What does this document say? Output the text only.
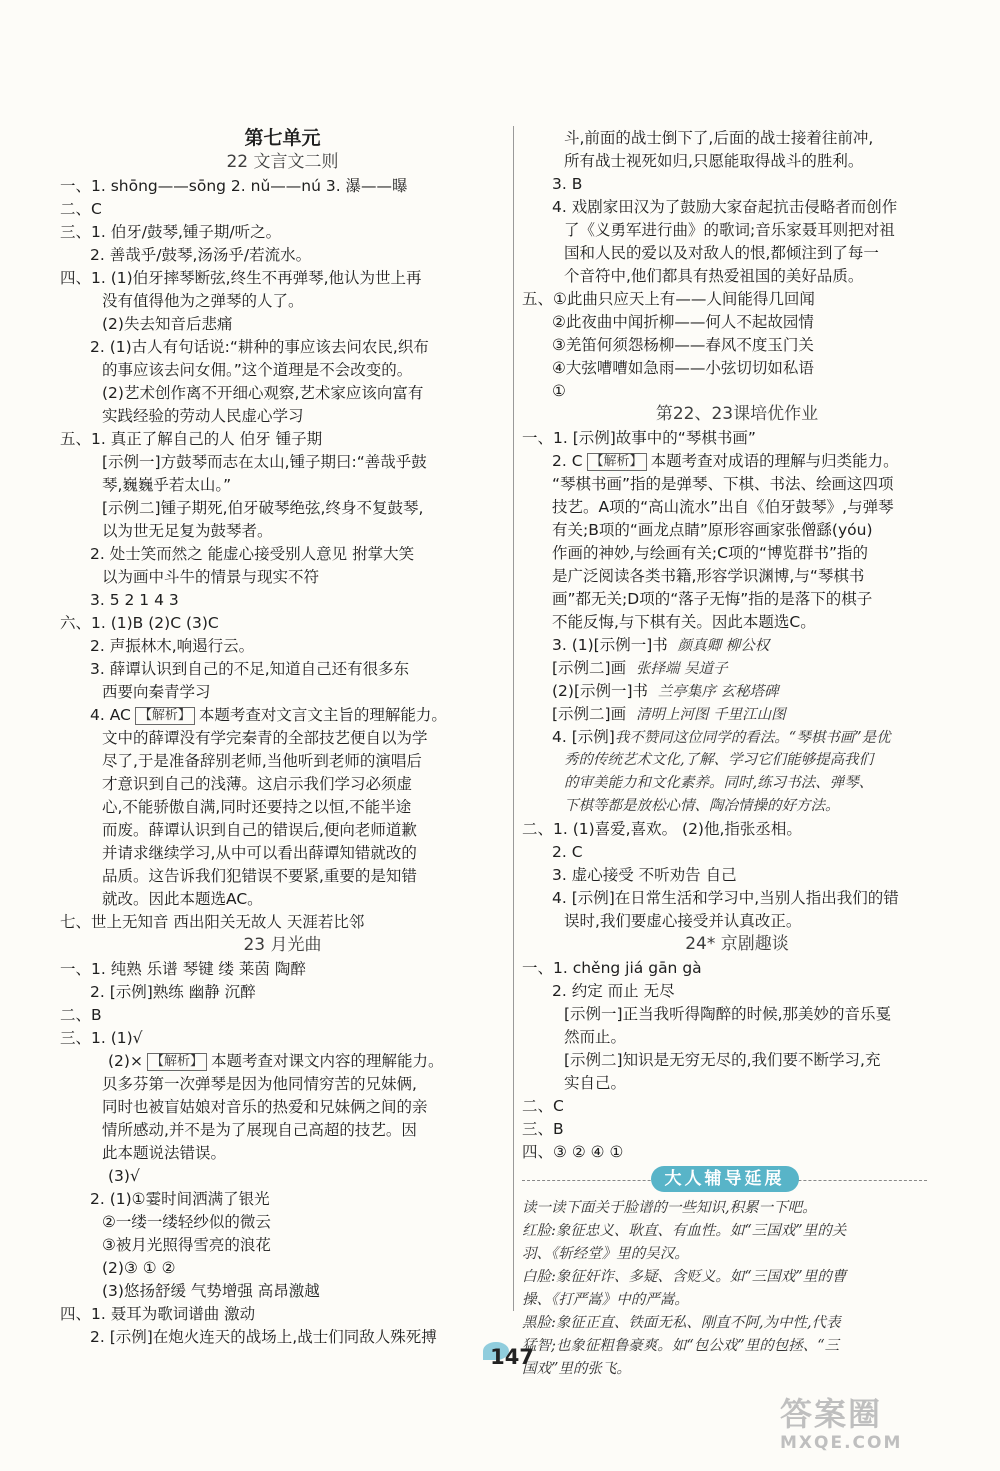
第七单元
22 文言文二则
一、1. shōng——sōng 2. nǔ——nú 3. 瀑——曝
二、C
三、1. 伯牙/鼓琴,锺子期/听之。
2. 善哉乎/鼓琴,汤汤乎/若流水。
四、1. (1)伯牙摔琴断弦,终生不再弹琴,他认为世上再
没有值得他为之弹琴的人了。
(2)失去知音后悲痛
2. (1)古人有句话说:“耕种的事应该去问农民,织布
的事应该去问女佣。”这个道理是不会改变的。
(2)艺术创作离不开细心观察,艺术家应该向富有
实践经验的劳动人民虚心学习
五、1. 真正了解自己的人 伯牙 锺子期
[示例一]方鼓琴而志在太山,锺子期曰:“善哉乎鼓
琴,巍巍乎若太山。”
[示例二]锺子期死,伯牙破琴绝弦,终身不复鼓琴,
以为世无足复为鼓琴者。
2. 处士笑而然之 能虚心接受别人意见 拊掌大笑
以为画中斗牛的情景与现实不符
3. 5 2 1 4 3
六、1. (1)B (2)C (3)C
2. 声振林木,响遏行云。
3. 薛谭认识到自己的不足,知道自己还有很多东
西要向秦青学习
4. AC 【解析】 本题考查对文言文主旨的理解能力。
文中的薛谭没有学完秦青的全部技艺便自以为学
尽了,于是准备辞别老师,当他听到老师的演唱后
才意识到自己的浅薄。这启示我们学习必须虚
心,不能骄傲自满,同时还要持之以恒,不能半途
而废。薛谭认识到自己的错误后,便向老师道歉
并请求继续学习,从中可以看出薛谭知错就改的
品质。这告诉我们犯错误不要紧,重要的是知错
就改。因此本题选AC。
七、世上无知音 西出阳关无故人 天涯若比邻
23 月光曲
一、1. 纯熟 乐谱 琴键 缕 莱茵 陶醉
2. [示例]熟练 幽静 沉醉
二、B
三、1. (1)√
(2)× 【解析】 本题考查对课文内容的理解能力。
贝多芬第一次弹琴是因为他同情穷苦的兄妹俩,
同时也被盲姑娘对音乐的热爱和兄妹俩之间的亲
情所感动,并不是为了展现自己高超的技艺。因
此本题说法错误。
(3)√
2. (1)①霎时间洒满了银光
②一缕一缕轻纱似的微云
③被月光照得雪亮的浪花
(2)③ ① ②
(3)悠扬舒缓 气势增强 高昂激越
四、1. 聂耳为歌词谱曲 激动
2. [示例]在炮火连天的战场上,战士们同敌人殊死搏
斗,前面的战士倒下了,后面的战士接着往前冲,
所有战士视死如归,只愿能取得战斗的胜利。
3. B
4. 戏剧家田汉为了鼓励大家奋起抗击侵略者而创作
了《义勇军进行曲》的歌词;音乐家聂耳则把对祖
国和人民的爱以及对敌人的恨,都倾注到了每一
个音符中,他们都具有热爱祖国的美好品质。
五、①此曲只应天上有——人间能得几回闻
②此夜曲中闻折柳——何人不起故园情
③羌笛何须怨杨柳——春风不度玉门关
④大弦嘈嘈如急雨——小弦切切如私语
①
第22、23课培优作业
一、1. [示例]故事中的“琴棋书画”
2. C 【解析】 本题考查对成语的理解与归类能力。
“琴棋书画”指的是弹琴、下棋、书法、绘画这四项
技艺。A项的“高山流水”出自《伯牙鼓琴》,与弹琴
有关;B项的“画龙点睛”原形容画家张僧繇(yóu)
作画的神妙,与绘画有关;C项的“博览群书”指的
是广泛阅读各类书籍,形容学识渊博,与“琴棋书
画”都无关;D项的“落子无悔”指的是落下的棋子
不能反悔,与下棋有关。因此本题选C。
3. (1)[示例一]书 颜真卿 柳公权
[示例二]画 张择端 吴道子
(2)[示例一]书 兰亭集序 玄秘塔碑
[示例二]画 清明上河图 千里江山图
4. [示例]我不赞同这位同学的看法。“琴棋书画”是优
秀的传统艺术文化,了解、学习它们能够提高我们
的审美能力和文化素养。同时,练习书法、弹琴、
下棋等都是放松心情、陶冶情操的好方法。
二、1. (1)喜爱,喜欢。 (2)他,指张丞相。
2. C
3. 虚心接受 不听劝告 自己
4. [示例]在日常生活和学习中,当别人指出我们的错
误时,我们要虚心接受并认真改正。
24* 京剧趣谈
一、1. chěng jiá gān gà
2. 约定 而止 无尽
[示例一]正当我听得陶醉的时候,那美妙的音乐戛
然而止。
[示例二]知识是无穷无尽的,我们要不断学习,充
实自己。
二、C
三、B
四、③ ② ④ ①
大人辅导延展
读一读下面关于脸谱的一些知识,积累一下吧。
红脸:象征忠义、耿直、有血性。如“三国戏”里的关
羽、《斩经堂》里的吴汉。
白脸:象征奸诈、多疑、含贬义。如“三国戏”里的曹
操、《打严嵩》中的严嵩。
黑脸:象征正直、铁面无私、刚直不阿,为中性,代表
猛智;也象征粗鲁豪爽。如“包公戏”里的包拯、“三
国戏”里的张飞。
147
答案圈
MXQE.COM
